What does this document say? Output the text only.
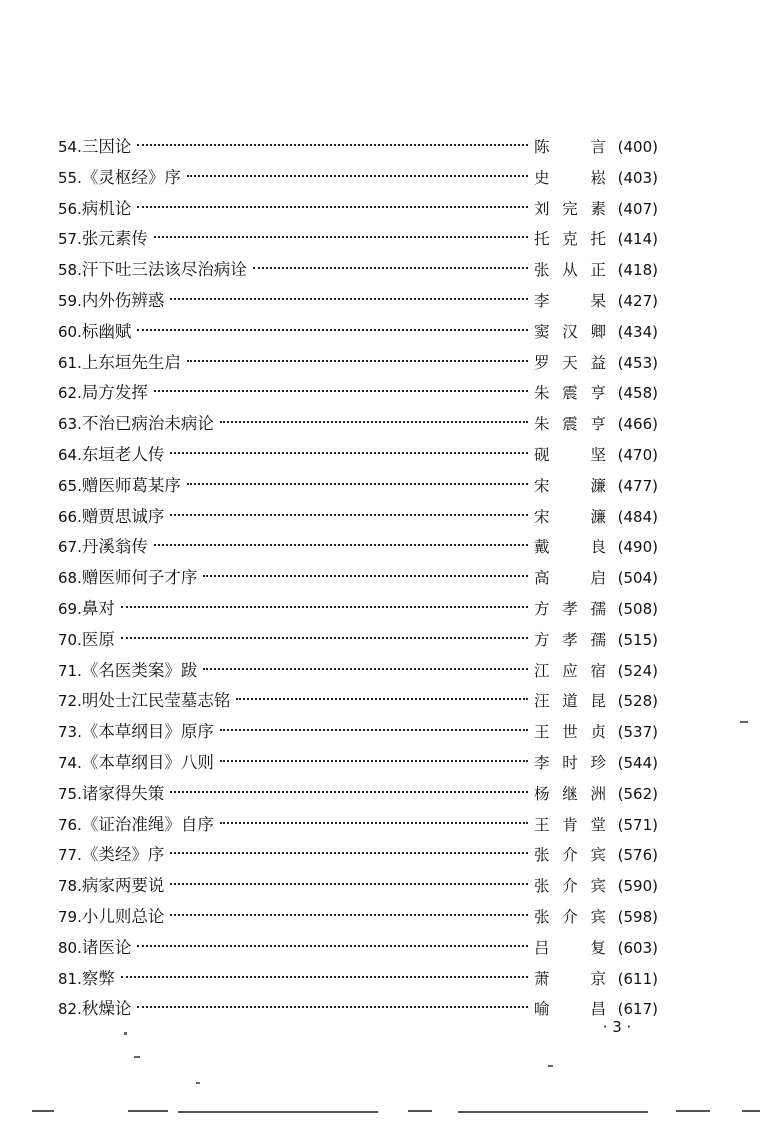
54. 三因论	陈 言 (400)
55. 《灵枢经》序	史 崧 (403)
56. 病机论	刘完素 (407)
57. 张元素传	托克托 (414)
58. 汗下吐三法该尽治病诠	张从正 (418)
59. 内外伤辨惑	李 杲 (427)
60. 标幽赋	窦汉卿 (434)
61. 上东垣先生启	罗天益 (453)
62. 局方发挥	朱震亨 (458)
63. 不治已病治未病论	朱震亨 (466)
64. 东垣老人传	砚 坚 (470)
65. 赠医师葛某序	宋 濂 (477)
66. 赠贾思诚序	宋 濂 (484)
67. 丹溪翁传	戴 良 (490)
68. 赠医师何子才序	高 启 (504)
69. 鼻对	方孝孺 (508)
70. 医原	方孝孺 (515)
71. 《名医类案》跋	江应宿 (524)
72. 明处士江民莹墓志铭	汪道昆 (528)
73. 《本草纲目》原序	王世贞 (537)
74. 《本草纲目》八则	李时珍 (544)
75. 诸家得失策	杨继洲 (562)
76. 《证治准绳》自序	王肯堂 (571)
77. 《类经》序	张介宾 (576)
78. 病家两要说	张介宾 (590)
79. 小儿则总论	张介宾 (598)
80. 诸医论	吕 复 (603)
81. 察弊	萧 京 (611)
82. 秋燥论	喻 昌 (617)
· 3 ·
